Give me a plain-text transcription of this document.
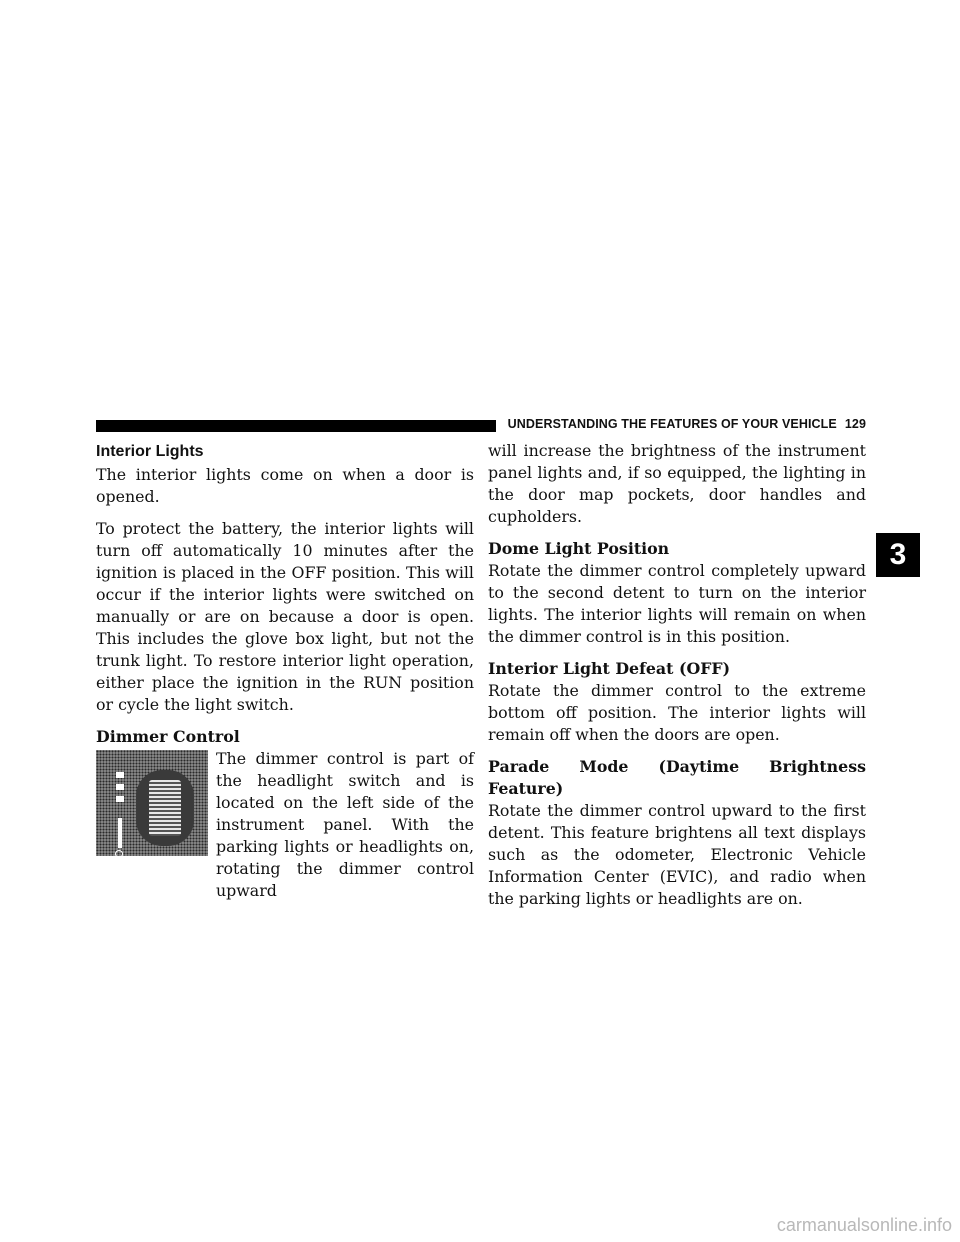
UNDERSTANDING THE FEATURES OF YOUR VEHICLE 129
Interior Lights

The interior lights come on when a door is opened.

To protect the battery, the interior lights will turn off automatically 10 minutes after the ignition is placed in the OFF position. This will occur if the interior lights were switched on manually or are on because a door is open. This includes the glove box light, but not the trunk light. To restore interior light operation, either place the ignition in the RUN position or cycle the light switch.

Dimmer Control

The dimmer control is part of the headlight switch and is located on the left side of the instrument panel. With the parking lights or headlights on, rotating the dimmer control upward

will increase the brightness of the instrument panel lights and, if so equipped, the lighting in the door map pockets, door handles and cupholders.

Dome Light Position

Rotate the dimmer control completely upward to the second detent to turn on the interior lights. The interior lights will remain on when the dimmer control is in this position.

Interior Light Defeat (OFF)

Rotate the dimmer control to the extreme bottom off position. The interior lights will remain off when the doors are open.

Parade Mode (Daytime Brightness Feature)

Rotate the dimmer control upward to the first detent. This feature brightens all text displays such as the odometer, Electronic Vehicle Information Center (EVIC), and radio when the parking lights or headlights are on.

3
carmanualsonline.info
